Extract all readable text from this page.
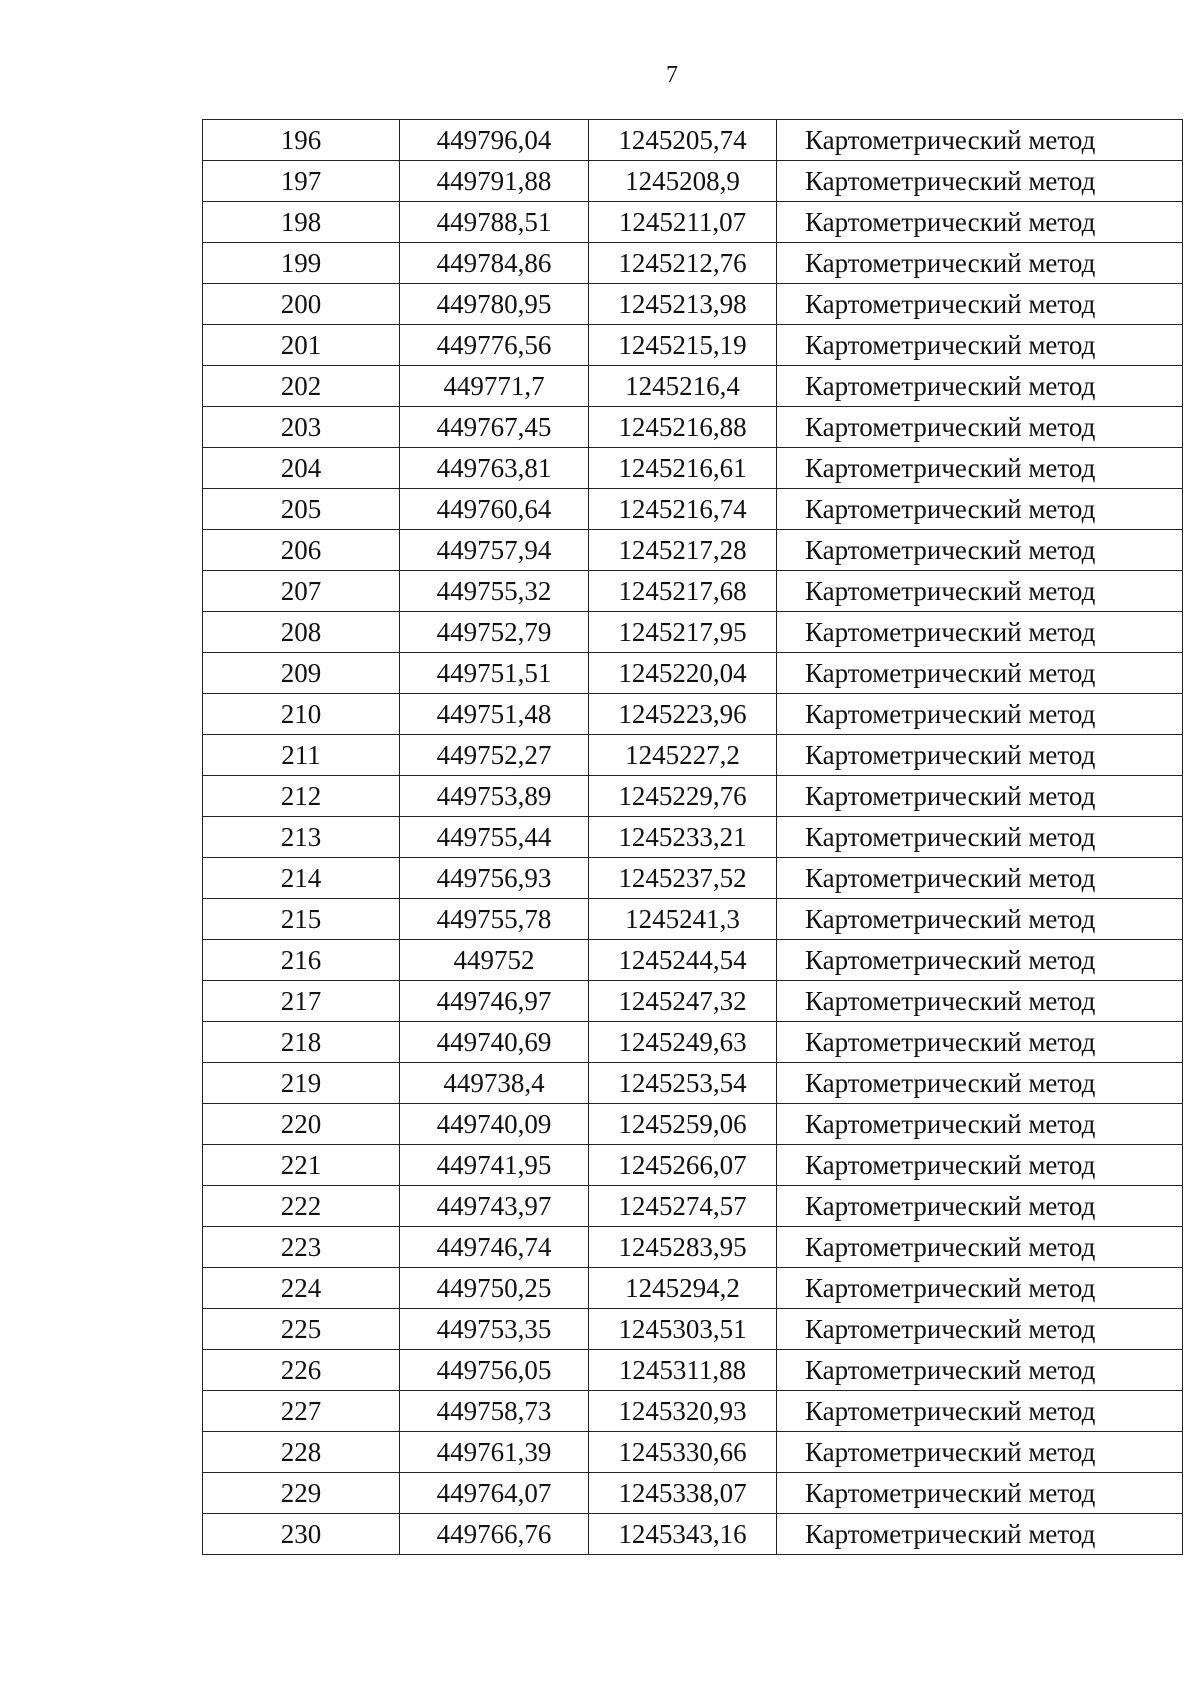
7
196	449796,04	1245205,74	Картометрический метод
197	449791,88	1245208,9	Картометрический метод
198	449788,51	1245211,07	Картометрический метод
199	449784,86	1245212,76	Картометрический метод
200	449780,95	1245213,98	Картометрический метод
201	449776,56	1245215,19	Картометрический метод
202	449771,7	1245216,4	Картометрический метод
203	449767,45	1245216,88	Картометрический метод
204	449763,81	1245216,61	Картометрический метод
205	449760,64	1245216,74	Картометрический метод
206	449757,94	1245217,28	Картометрический метод
207	449755,32	1245217,68	Картометрический метод
208	449752,79	1245217,95	Картометрический метод
209	449751,51	1245220,04	Картометрический метод
210	449751,48	1245223,96	Картометрический метод
211	449752,27	1245227,2	Картометрический метод
212	449753,89	1245229,76	Картометрический метод
213	449755,44	1245233,21	Картометрический метод
214	449756,93	1245237,52	Картометрический метод
215	449755,78	1245241,3	Картометрический метод
216	449752	1245244,54	Картометрический метод
217	449746,97	1245247,32	Картометрический метод
218	449740,69	1245249,63	Картометрический метод
219	449738,4	1245253,54	Картометрический метод
220	449740,09	1245259,06	Картометрический метод
221	449741,95	1245266,07	Картометрический метод
222	449743,97	1245274,57	Картометрический метод
223	449746,74	1245283,95	Картометрический метод
224	449750,25	1245294,2	Картометрический метод
225	449753,35	1245303,51	Картометрический метод
226	449756,05	1245311,88	Картометрический метод
227	449758,73	1245320,93	Картометрический метод
228	449761,39	1245330,66	Картометрический метод
229	449764,07	1245338,07	Картометрический метод
230	449766,76	1245343,16	Картометрический метод
